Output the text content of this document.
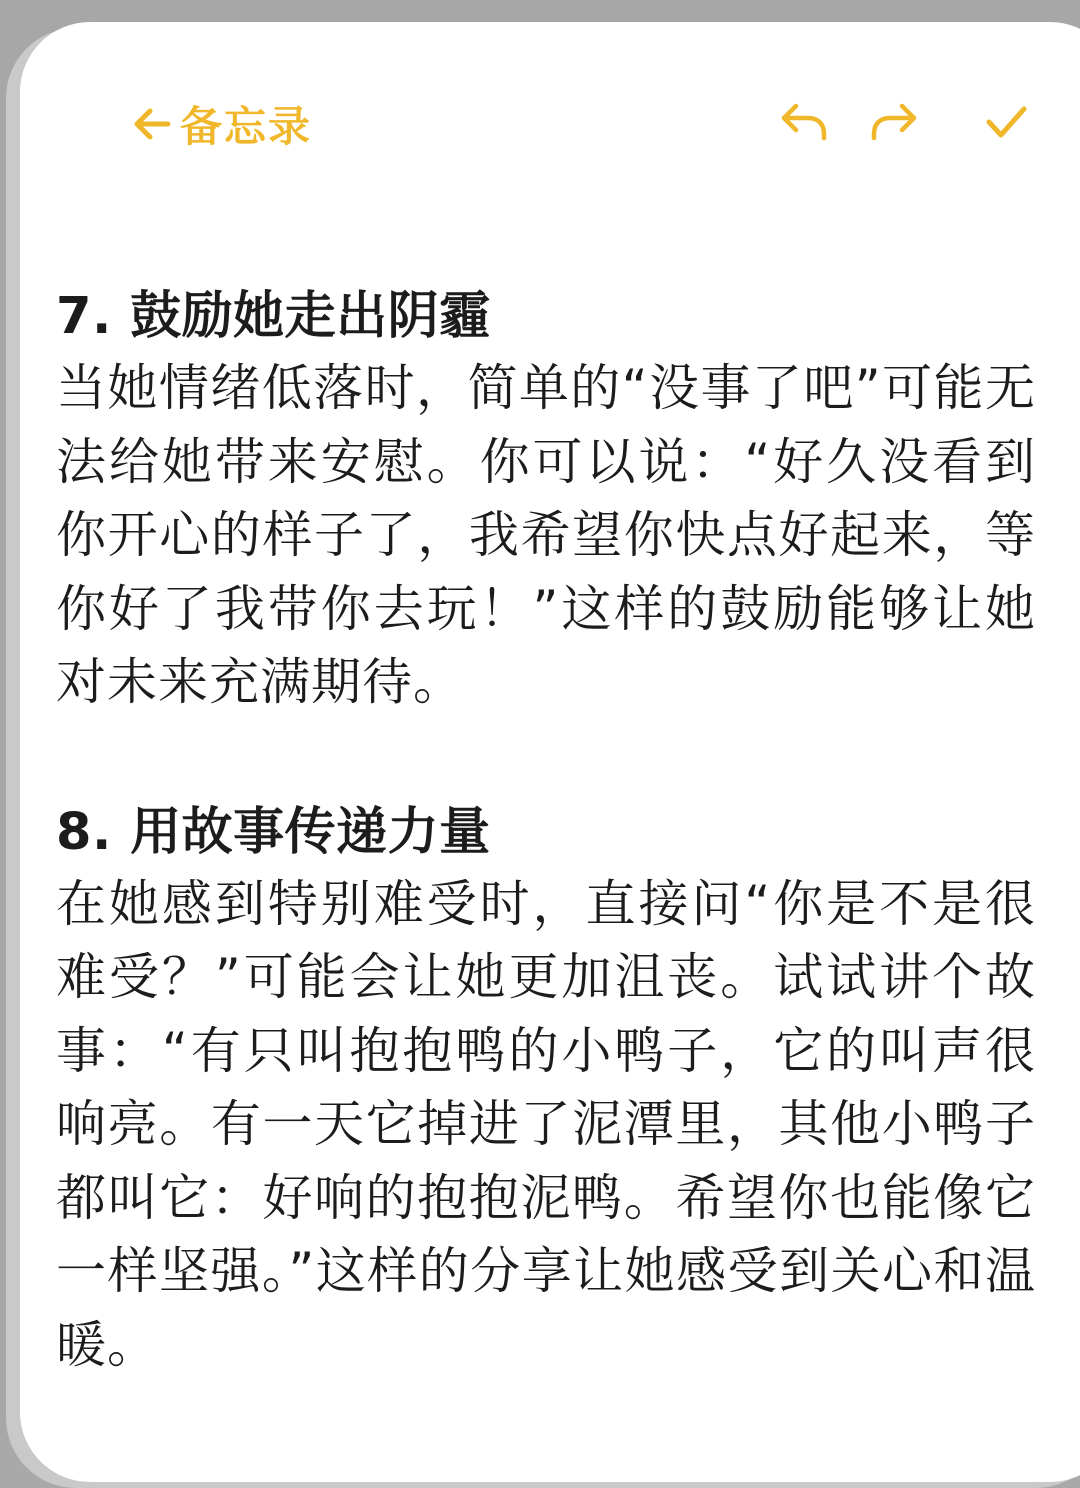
备忘录

7. 鼓励她走出阴霾

当她情绪低落时，简单的“没事了吧”可能无法给她带来安慰。你可以说：“好久没看到你开心的样子了，我希望你快点好起来，等你好了我带你去玩！”这样的鼓励能够让她对未来充满期待。

8. 用故事传递力量

在她感到特别难受时，直接问“你是不是很难受？”可能会让她更加沮丧。试试讲个故事：“有只叫抱抱鸭的小鸭子，它的叫声很响亮。有一天它掉进了泥潭里，其他小鸭子都叫它：好响的抱抱泥鸭。希望你也能像它一样坚强。”这样的分享让她感受到关心和温暖。
